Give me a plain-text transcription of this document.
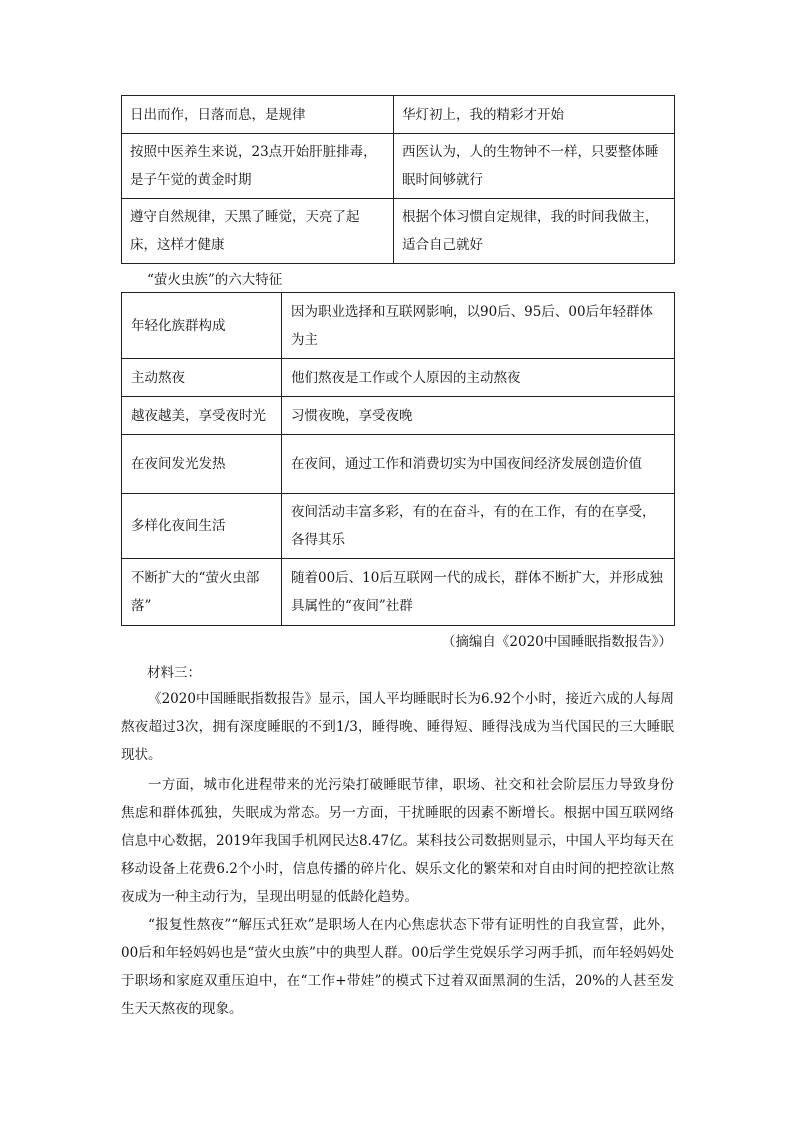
日出而作，日落而息，是规律	华灯初上，我的精彩才开始
按照中医养生来说，23点开始肝脏排毒，是子午觉的黄金时期	西医认为，人的生物钟不一样，只要整体睡眠时间够就行
遵守自然规律，天黑了睡觉，天亮了起床，这样才健康	根据个体习惯自定规律，我的时间我做主，适合自己就好
“萤火虫族”的六大特征
年轻化族群构成	因为职业选择和互联网影响，以90后、95后、00后年轻群体为主
主动熬夜	他们熬夜是工作或个人原因的主动熬夜
越夜越美，享受夜时光	习惯夜晚，享受夜晚
在夜间发光发热	在夜间，通过工作和消费切实为中国夜间经济发展创造价值
多样化夜间生活	夜间活动丰富多彩，有的在奋斗，有的在工作，有的在享受，各得其乐
不断扩大的“萤火虫部落”	随着00后、10后互联网一代的成长，群体不断扩大，并形成独具属性的“夜间”社群
（摘编自《2020中国睡眠指数报告》）
材料三：

《2020中国睡眠指数报告》显示，国人平均睡眠时长为6.92个小时，接近六成的人每周熬夜超过3次，拥有深度睡眠的不到1/3，睡得晚、睡得短、睡得浅成为当代国民的三大睡眠现状。

一方面，城市化进程带来的光污染打破睡眠节律，职场、社交和社会阶层压力导致身份焦虑和群体孤独，失眠成为常态。另一方面，干扰睡眠的因素不断增长。根据中国互联网络信息中心数据，2019年我国手机网民达8.47亿。某科技公司数据则显示，中国人平均每天在移动设备上花费6.2个小时，信息传播的碎片化、娱乐文化的繁荣和对自由时间的把控欲让熬夜成为一种主动行为，呈现出明显的低龄化趋势。

“报复性熬夜”“解压式狂欢”是职场人在内心焦虑状态下带有证明性的自我宣誓，此外，00后和年轻妈妈也是“萤火虫族”中的典型人群。00后学生党娱乐学习两手抓，而年轻妈妈处于职场和家庭双重压迫中，在“工作+带娃”的模式下过着双面黑洞的生活，20%的人甚至发生天天熬夜的现象。
